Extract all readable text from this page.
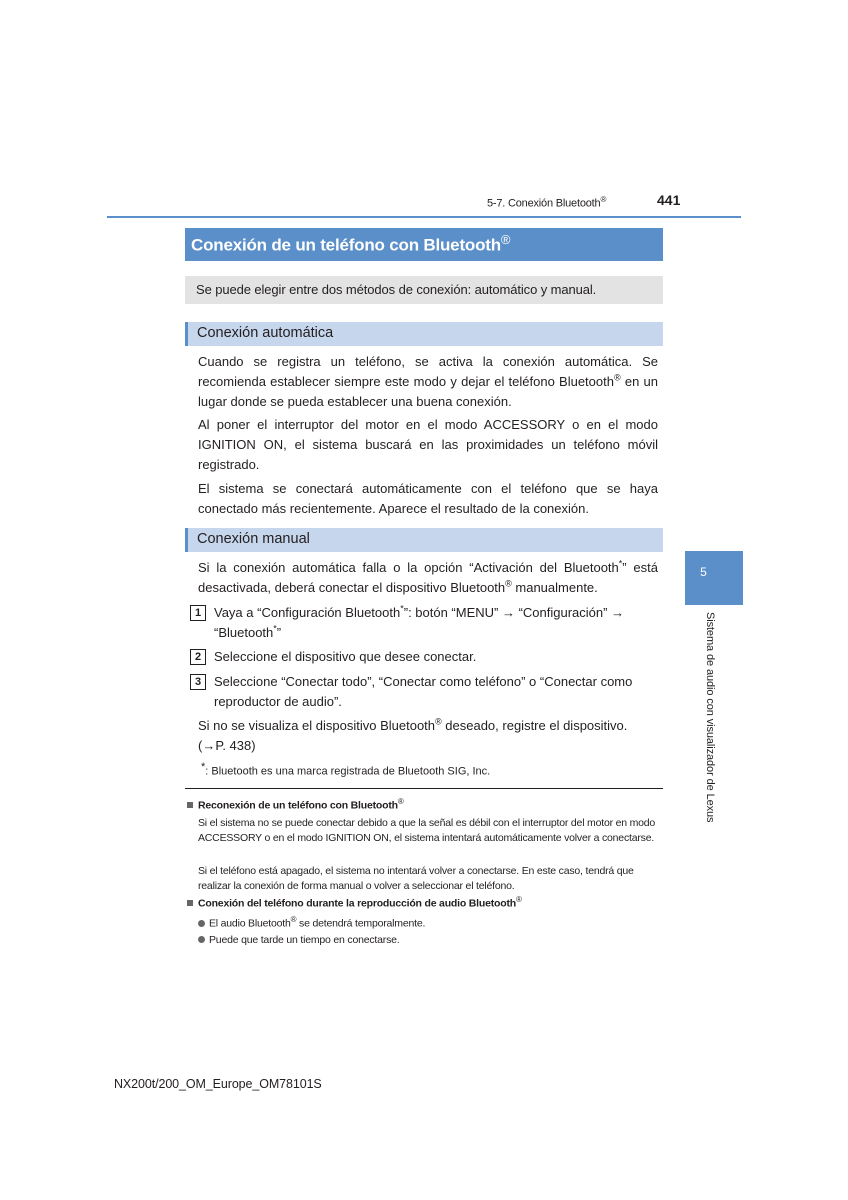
5-7. Conexión Bluetooth®	441
Conexión de un teléfono con Bluetooth®
Se puede elegir entre dos métodos de conexión: automático y manual.
Conexión automática
Cuando se registra un teléfono, se activa la conexión automática. Se recomienda establecer siempre este modo y dejar el teléfono Bluetooth® en un lugar donde se pueda establecer una buena conexión.
Al poner el interruptor del motor en el modo ACCESSORY o en el modo IGNITION ON, el sistema buscará en las proximidades un teléfono móvil registrado.
El sistema se conectará automáticamente con el teléfono que se haya conectado más recientemente. Aparece el resultado de la conexión.
Conexión manual
Si la conexión automática falla o la opción “Activación del Bluetooth*” está desactivada, deberá conectar el dispositivo Bluetooth® manualmente.
1 Vaya a “Configuración Bluetooth*”: botón “MENU” → “Configuración” → “Bluetooth*”
2 Seleccione el dispositivo que desee conectar.
3 Seleccione “Conectar todo”, “Conectar como teléfono” o “Conectar como reproductor de audio”.
Si no se visualiza el dispositivo Bluetooth® deseado, registre el dispositivo.
(→P. 438)
*: Bluetooth es una marca registrada de Bluetooth SIG, Inc.
Reconexión de un teléfono con Bluetooth®
Si el sistema no se puede conectar debido a que la señal es débil con el interruptor del motor en modo ACCESSORY o en el modo IGNITION ON, el sistema intentará automáticamente volver a conectarse.
Si el teléfono está apagado, el sistema no intentará volver a conectarse. En este caso, tendrá que realizar la conexión de forma manual o volver a seleccionar el teléfono.
Conexión del teléfono durante la reproducción de audio Bluetooth®
El audio Bluetooth® se detendrá temporalmente.
Puede que tarde un tiempo en conectarse.
5
Sistema de audio con visualizador de Lexus
NX200t/200_OM_Europe_OM78101S
